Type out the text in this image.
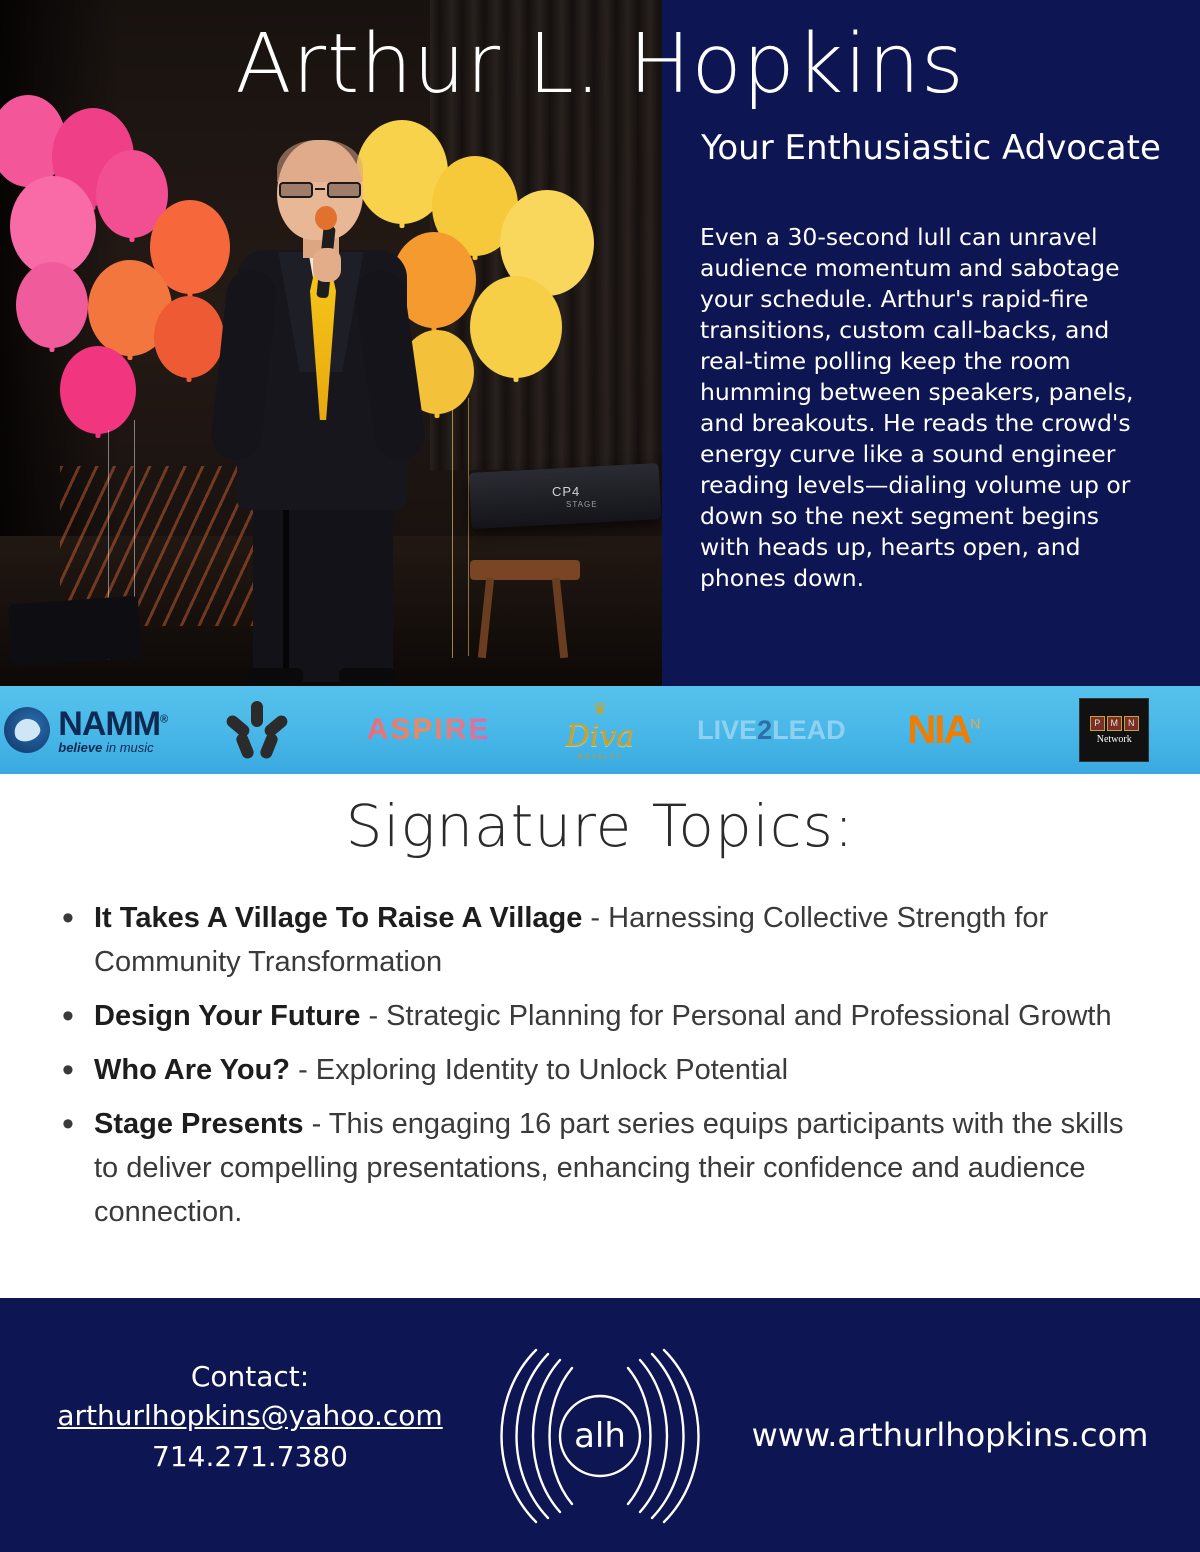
CP4
STAGE
Arthur L. Hopkins
Your Enthusiastic Advocate
Even a 30-second lull can unravel audience momentum and sabotage your schedule. Arthur's rapid-fire transitions, custom call-backs, and real-time polling keep the room humming between speakers, panels, and breakouts. He reads the crowd's energy curve like a sound engineer reading levels—dialing volume up or down so the next segment begins with heads up, hearts open, and phones down.
NAMM®
believe in music
ASPIRE
♛
Diva
ROYALTY
LIVE2LEAD $NIA^N$	P	M	N
Network
Signature Topics:
• It Takes A Village To Raise A Village - Harnessing Collective Strength for Community Transformation
• Design Your Future - Strategic Planning for Personal and Professional Growth
• Who Are You? - Exploring Identity to Unlock Potential
• Stage Presents - This engaging 16 part series equips participants with the skills to deliver compelling presentations, enhancing their confidence and audience connection.
Contact:
arthurlhopkins@yahoo.com
714.271.7380
alh	www.arthurlhopkins.com
